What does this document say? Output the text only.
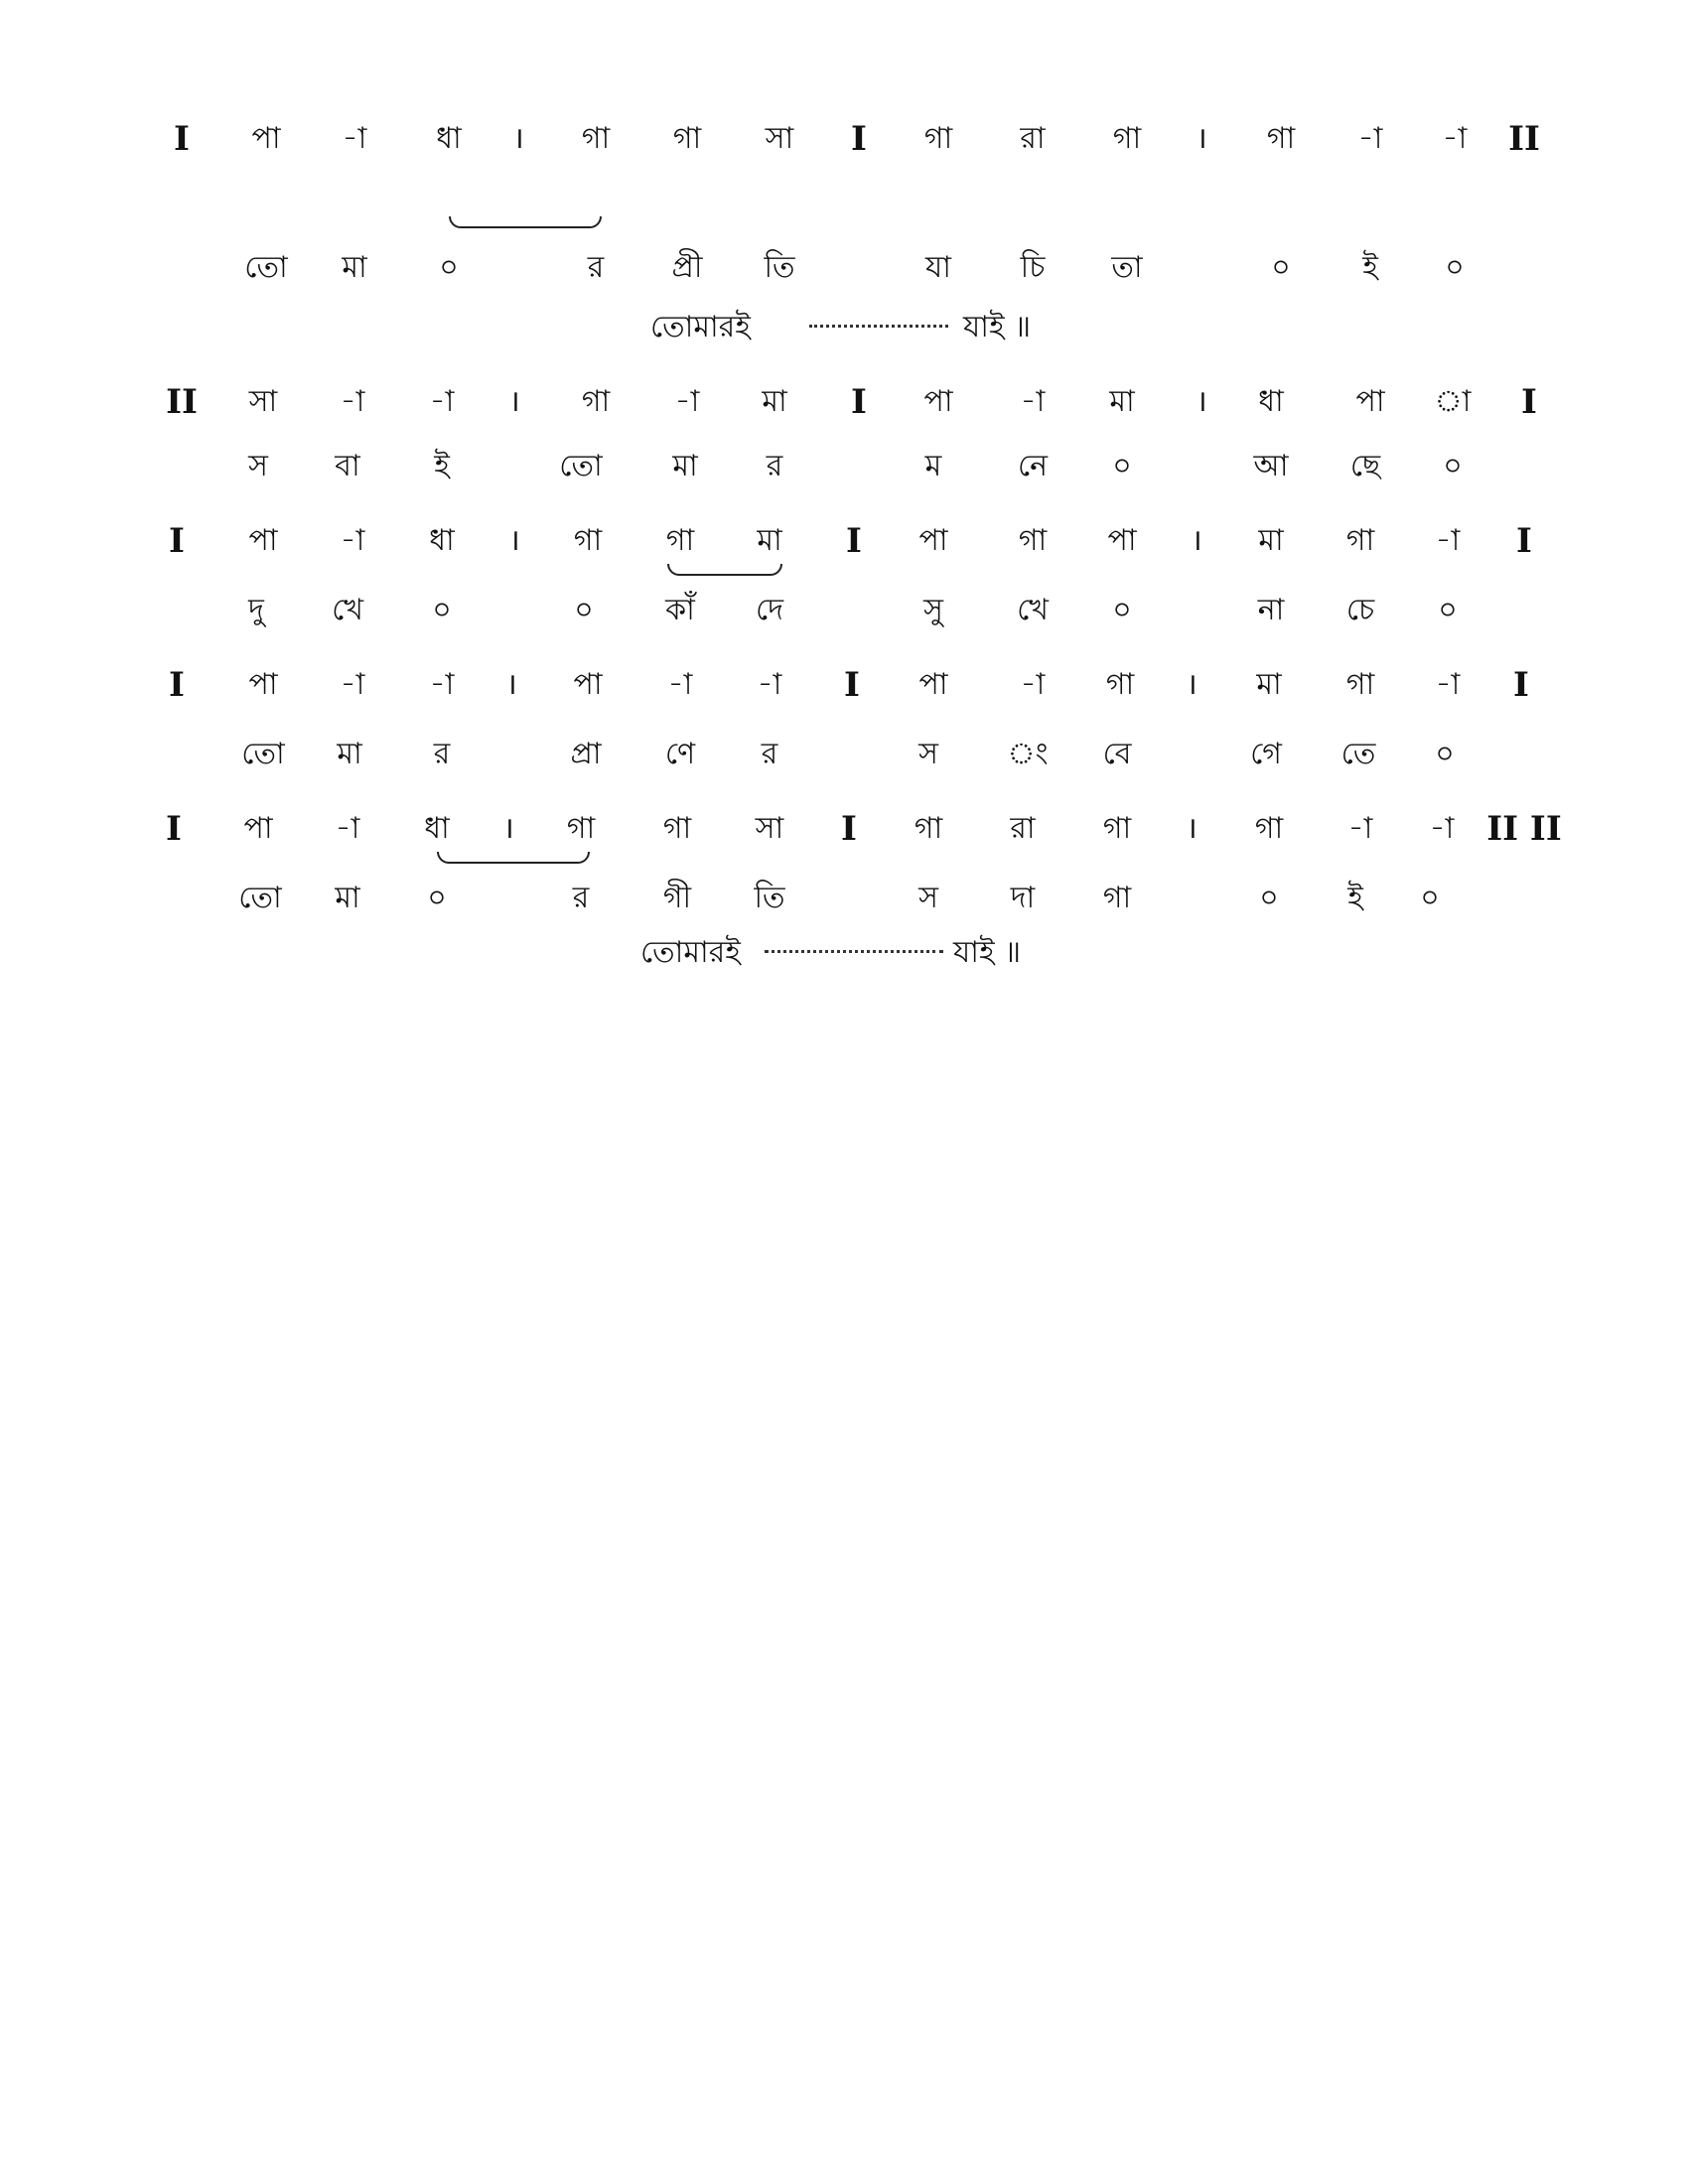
I পা -া ধা । গা গা সা I গা রা গা । গা -া -া II
তো মা ০	র প্রী তি	যা চি তা	০ ই ০
তোমারই	যাই ॥
II সা -া -া । গা -া মা I পা -া মা । ধা পা া I
স বা ই	তো মা র	ম	নে ০	আ ছে ০
I পা -া ধা । গা গা মা I পা গা পা । মা গা -া I
দু খে ০	০ কাঁ দে	সু খে ০	না চে ০
I পা -া -া । পা -া -া I পা -া গা । মা গা -া I
তো মা র	প্রা ণে র	স ং বে	গে তে ০
I পা -া ধা । গা গা সা I গা রা গা । গা -া -া II II
তো মা ০	র গী তি	স দা গা	০ ই ০
তোমারই	যাই ॥
